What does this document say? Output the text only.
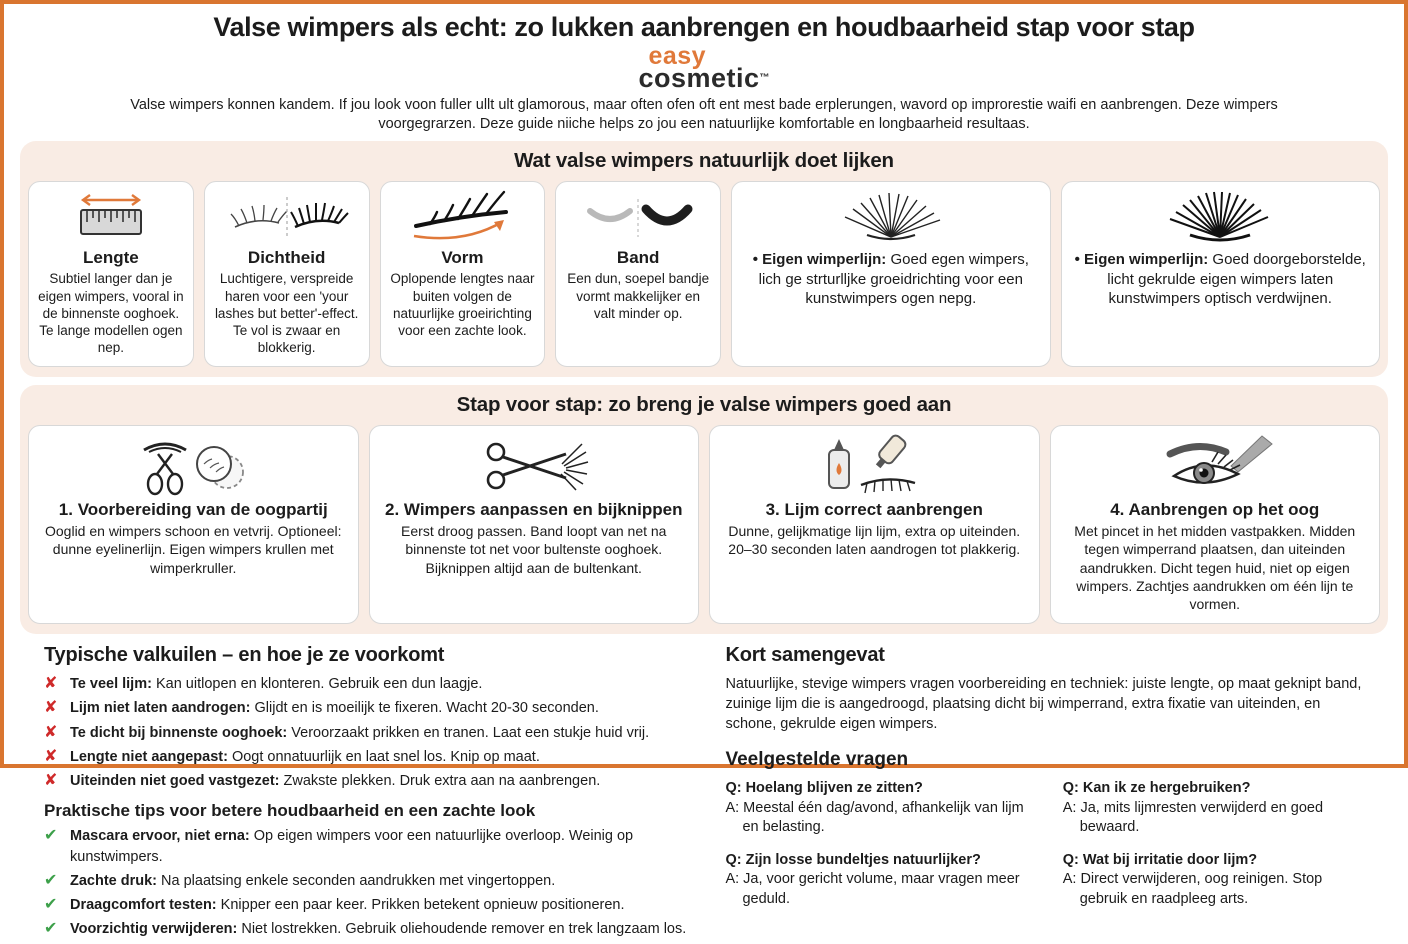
Valse wimpers als echt: zo lukken aanbrengen en houdbaarheid stap voor stap
easy
cosmetic™
Valse wimpers konnen kandem. If jou look voon fuller ullt ult glamorous, maar often ofen oft ent mest bade erplerungen, wavord op improrestie waifi en aanbrengen. Deze wimpers voorgegrarzen. Deze guide niiche helps zo jou een natuurlijke komfortable en longbaarheid resultaas.
Wat valse wimpers natuurlijk doet lijken
Lengte
Subtiel langer dan je eigen wimpers, vooral in de binnenste ooghoek. Te lange modellen ogen nep.
Dichtheid
Luchtigere, verspreide haren voor een 'your lashes but better'-effect. Te vol is zwaar en blokkerig.
Vorm
Oplopende lengtes naar buiten volgen de natuurlijke groeirichting voor een zachte look.
Band
Een dun, soepel bandje vormt makkelijker en valt minder op.
• Eigen wimperlijn: Goed egen wimpers, lich ge strturlljke groeidrichting voor een kunstwimpers ogen nepg.
• Eigen wimperlijn: Goed doorgeborstelde, licht gekrulde eigen wimpers laten kunstwimpers optisch verdwijnen.
Stap voor stap: zo breng je valse wimpers goed aan
1. Voorbereiding van de oogpartij
Ooglid en wimpers schoon en vetvrij. Optioneel: dunne eyelinerlijn. Eigen wimpers krullen met wimperkruller.
2. Wimpers aanpassen en bijknippen
Eerst droog passen. Band loopt van net na binnenste tot net voor bultenste ooghoek. Bijknippen altijd aan de bultenkant.
3. Lijm correct aanbrengen
Dunne, gelijkmatige lijn lijm, extra op uiteinden. 20–30 seconden laten aandrogen tot plakkerig.
4. Aanbrengen op het oog
Met pincet in het midden vastpakken. Midden tegen wimperrand plaatsen, dan uiteinden aandrukken. Dicht tegen huid, niet op eigen wimpers. Zachtjes aandrukken om één lijn te vormen.
Typische valkuilen – en hoe je ze voorkomt
✘ Te veel lijm: Kan uitlopen en klonteren. Gebruik een dun laagje.
✘ Lijm niet laten aandrogen: Glijdt en is moeilijk te fixeren. Wacht 20-30 seconden.
✘ Te dicht bij binnenste ooghoek: Veroorzaakt prikken en tranen. Laat een stukje huid vrij.
✘ Lengte niet aangepast: Oogt onnatuurlijk en laat snel los. Knip op maat.
✘ Uiteinden niet goed vastgezet: Zwakste plekken. Druk extra aan na aanbrengen.
Praktische tips voor betere houdbaarheid en een zachte look
✔ Mascara ervoor, niet erna: Op eigen wimpers voor een natuurlijke overloop. Weinig op kunstwimpers.
✔ Zachte druk: Na plaatsing enkele seconden aandrukken met vingertoppen.
✔ Draagcomfort testen: Knipper een paar keer. Prikken betekent opnieuw positioneren.
✔ Voorzichtig verwijderen: Niet lostrekken. Gebruik oliehoudende remover en trek langzaam los.
Kort samengevat
Natuurlijke, stevige wimpers vragen voorbereiding en techniek: juiste lengte, op maat geknipt band, zuinige lijm die is aangedroogd, plaatsing dicht bij wimperrand, extra fixatie van uiteinden, en schone, gekrulde eigen wimpers.
Veelgestelde vragen
Q: Hoelang blijven ze zitten?
A: Meestal één dag/avond, afhankelijk van lijm en belasting.
Q: Kan ik ze hergebruiken?
A: Ja, mits lijmresten verwijderd en goed bewaard.
Q: Zijn losse bundeltjes natuurlijker?
A: Ja, voor gericht volume, maar vragen meer geduld.
Q: Wat bij irritatie door lijm?
A: Direct verwijderen, oog reinigen. Stop gebruik en raadpleeg arts.
